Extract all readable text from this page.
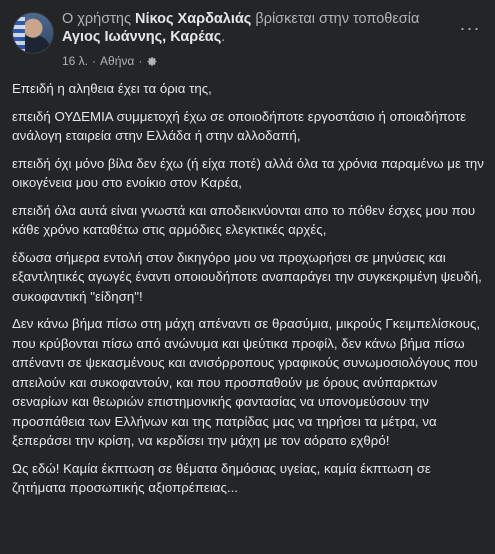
Ο χρήστης Νίκος Χαρδαλιάς βρίσκεται στην τοποθεσία Αγιος Ιωάννης, Καρέας.
16 λ. · Αθήνα ·
···

Επειδή η αληθεια έχει τα όρια της,

επειδή ΟΥΔΕΜΙΑ συμμετοχή έχω σε οποιοδήποτε εργοστάσιο ή οποιαδήποτε ανάλογη εταιρεία στην Ελλάδα ή στην αλλοδαπή,

επειδή όχι μόνο βίλα δεν έχω (ή είχα ποτέ) αλλά όλα τα χρόνια παραμένω με την οικογένεια μου στο ενοίκιο στον Καρέα,

επειδή όλα αυτά είναι γνωστά και αποδεικνύονται απο το πόθεν έσχες μου που κάθε χρόνο καταθέτω στις αρμόδιες ελεγκτικές αρχές,

έδωσα σήμερα εντολή στον δικηγόρο μου να προχωρήσει σε μηνύσεις και εξαντλητικές αγωγές έναντι οποιουδήποτε αναπαράγει την συγκεκριμένη ψευδή, συκοφαντική "είδηση"!

Δεν κάνω βήμα πίσω στη μάχη απέναντι σε θρασύμια, μικρούς Γκειμπελίσκους, που κρύβονται πίσω από ανώνυμα και ψεύτικα προφίλ, δεν κάνω βήμα πίσω απέναντι σε ψεκασμένους και ανισόρροπους γραφικούς συνωμοσιολόγους που απειλούν και συκοφαντούν, και που προσπαθούν με όρους ανύπαρκτων σεναρίων και θεωριών επιστημονικής φαντασίας να υπονομεύσουν την προσπάθεια των Ελλήνων και της πατρίδας μας να τηρήσει τα μέτρα, να ξεπεράσει την κρίση, να κερδίσει την μάχη με τον αόρατο εχθρό!

Ως εδώ! Καμία έκπτωση σε θέματα δημόσιας υγείας, καμία έκπτωση σε ζητήματα προσωπικής αξιοπρέπειας...
